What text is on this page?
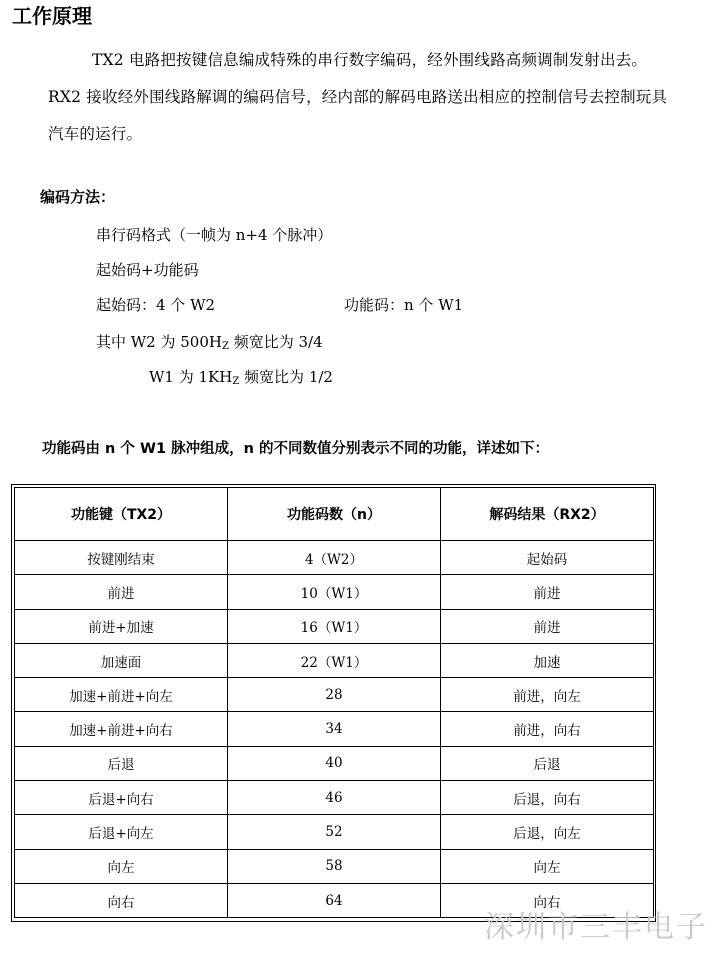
工作原理

TX2 电路把按键信息编成特殊的串行数字编码，经外围线路高频调制发射出去。RX2 接收经外围线路解调的编码信号，经内部的解码电路送出相应的控制信号去控制玩具汽车的运行。

编码方法：
串行码格式（一帧为 n+4 个脉冲）
起始码+功能码
起始码：4 个 W2	功能码：n 个 W1
其中 W2 为 $500H_Z$ 频宽比为 3/4
W1 为 $1KH_Z$ 频宽比为 1/2
功能码由 n 个 W1 脉冲组成，n 的不同数值分别表示不同的功能，详述如下：
功能键（TX2）	功能码数（n）	解码结果（RX2）
按键刚结束	4（W2）	起始码
前进	10（W1）	前进
前进+加速	16（W1）	前进
加速面	22（W1）	加速
加速+前进+向左	28	前进，向左
加速+前进+向右	34	前进，向右
后退	40	后退
后退+向右	46	后退，向右
后退+向左	52	后退，向左
向左	58	向左
向右	64	向右
深圳市三丰电子
